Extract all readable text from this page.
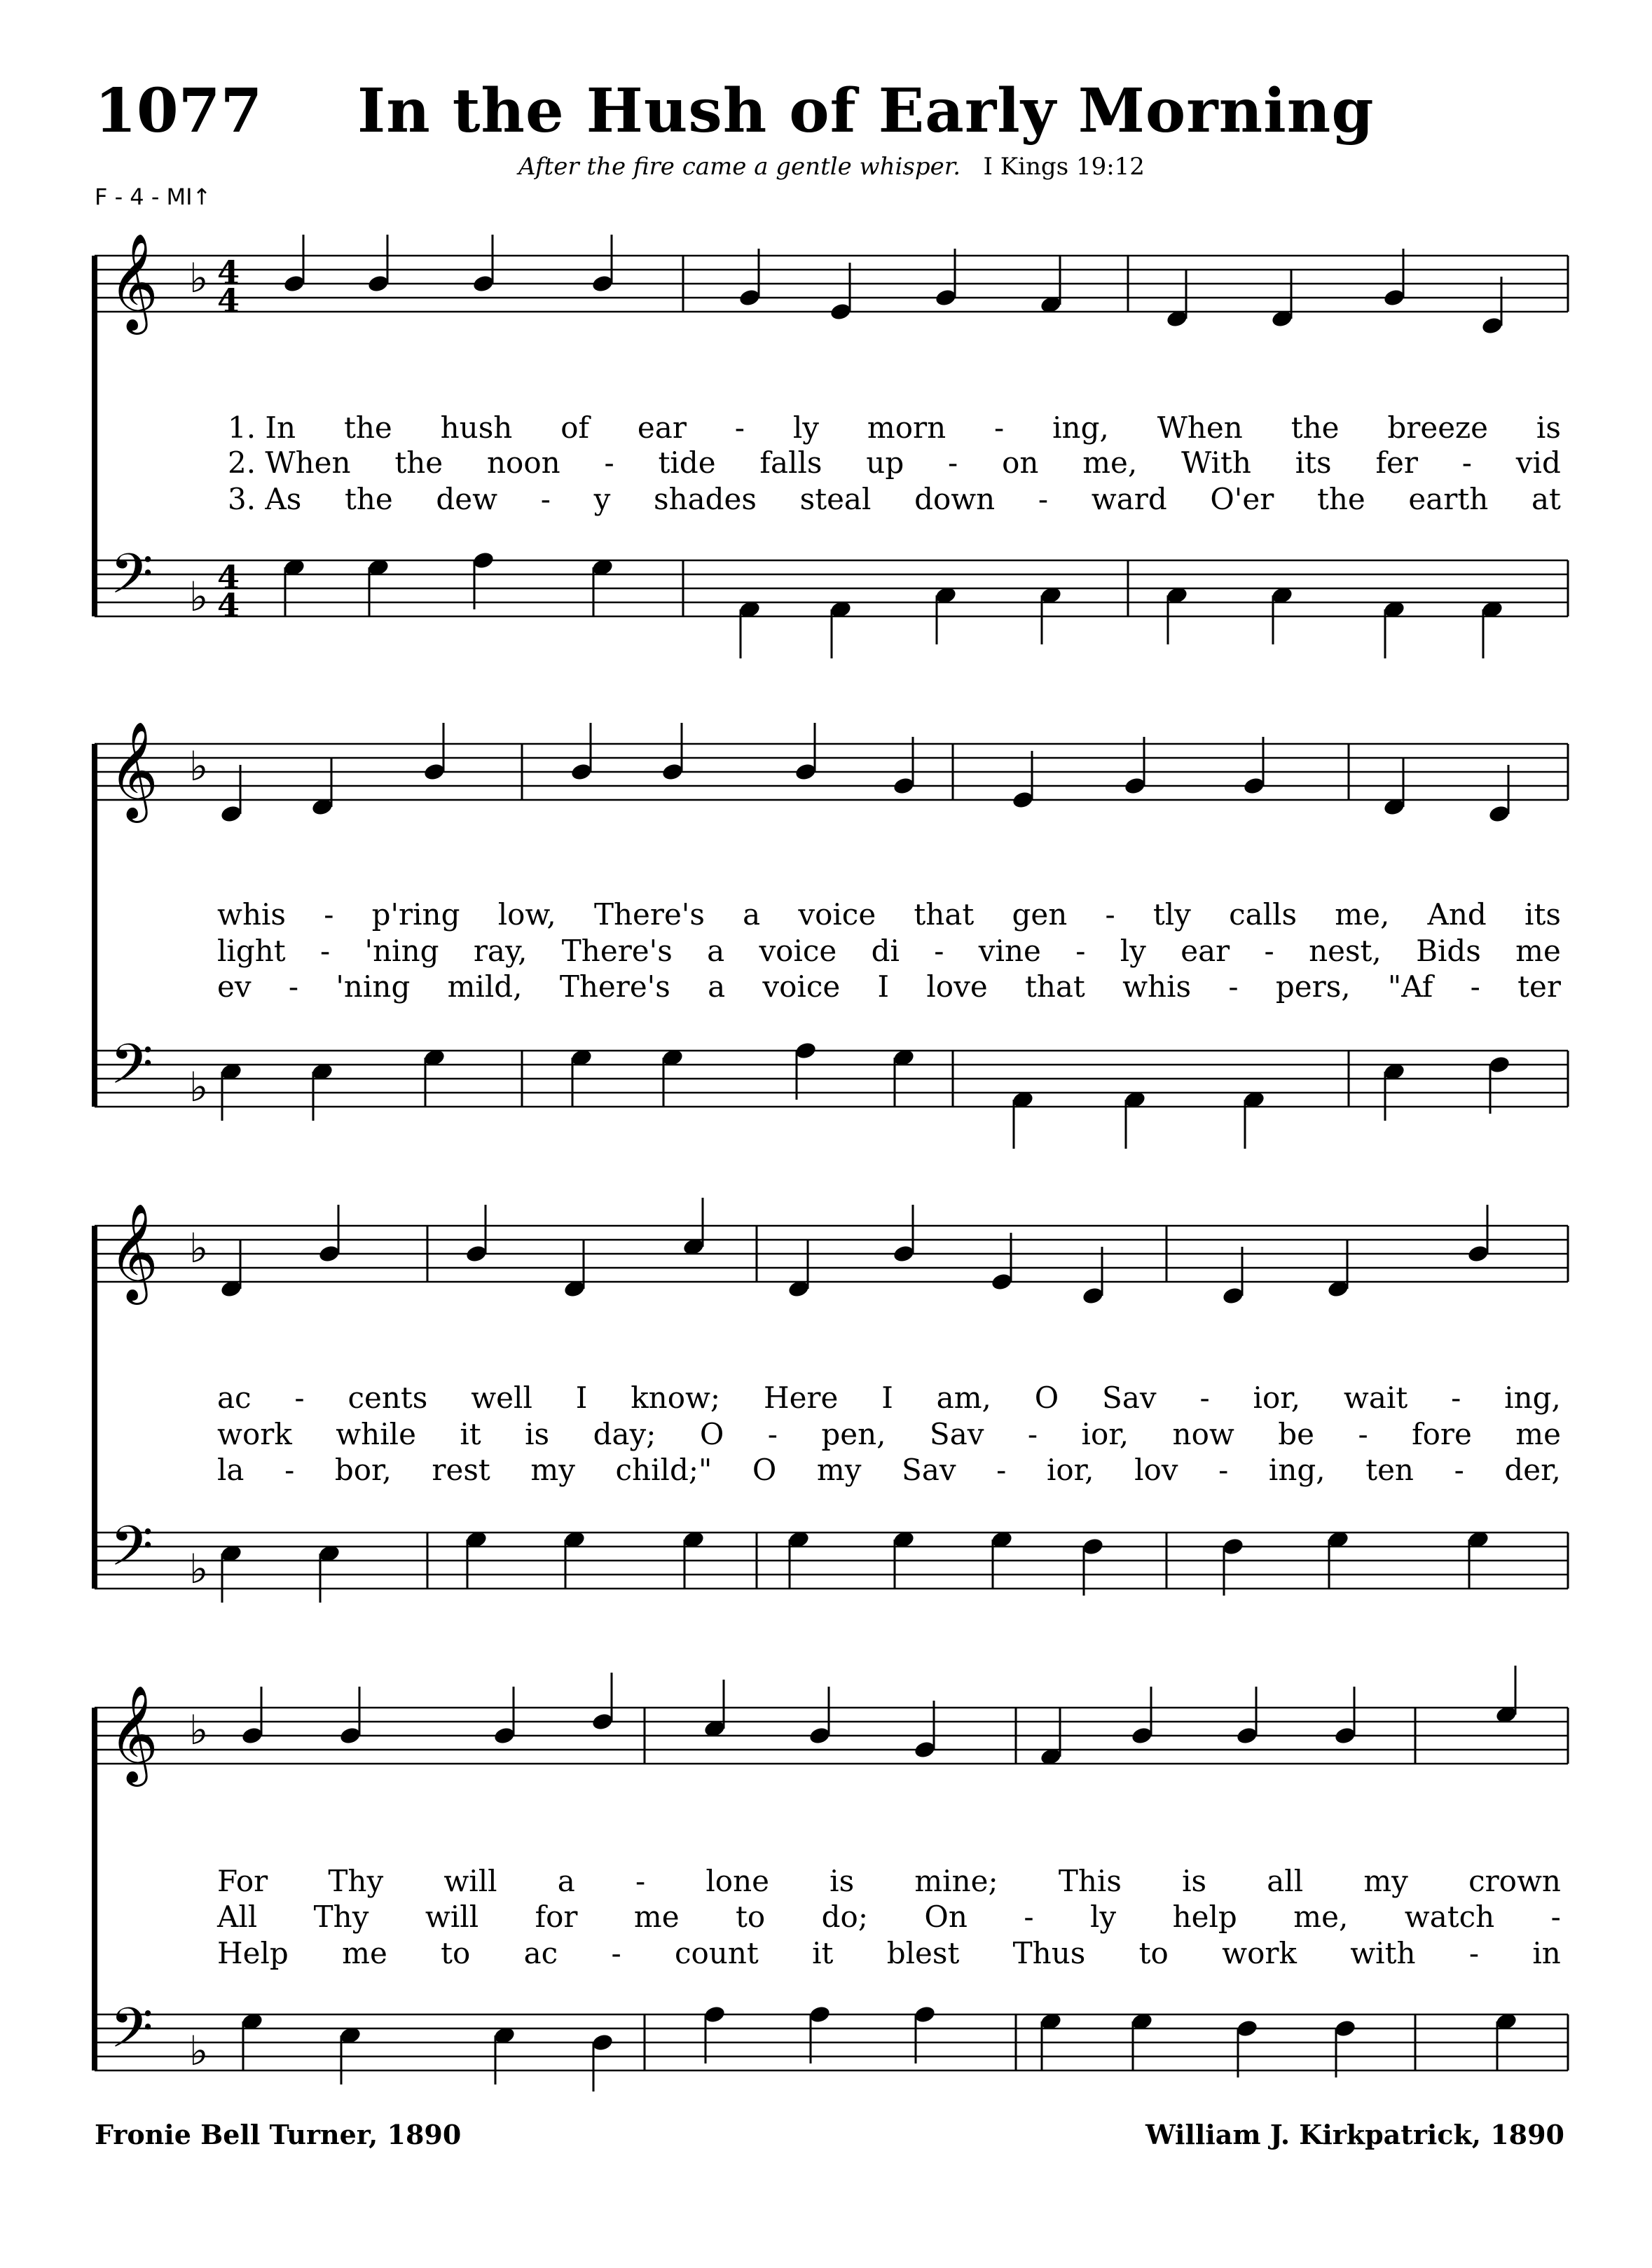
1077 In the Hush of Early Morning
After the fire came a gentle whisper. I Kings 19:12
F - 4 - MI↑
𝄞 ♭ 4
4
𝄢 ♭ 4
4
𝄞 ♭
𝄢 ♭
𝄞 ♭
𝄢 ♭
𝄞 ♭
𝄢 ♭
1. In the hush of ear - ly morn - ing, When the breeze is
2. When the noon - tide falls up - on me, With its fer - vid
3. As the dew - y shades steal down - ward O'er the earth at
whis - p'ring low, There's a voice that gen - tly calls me, And its
light - 'ning ray, There's a voice di - vine - ly ear - nest, Bids me
ev - 'ning mild, There's a voice I love that whis - pers, "Af - ter
ac - cents well I know; Here I am, O Sav - ior, wait - ing,
work while it is day; O - pen, Sav - ior, now be - fore me
la - bor, rest my child;" O my Sav - ior, lov - ing, ten - der,
For Thy will a - lone is mine; This is all my crown
All Thy will for me to do; On - ly help me, watch -
Help me to ac - count it blest Thus to work with - in
Fronie Bell Turner, 1890	William J. Kirkpatrick, 1890
